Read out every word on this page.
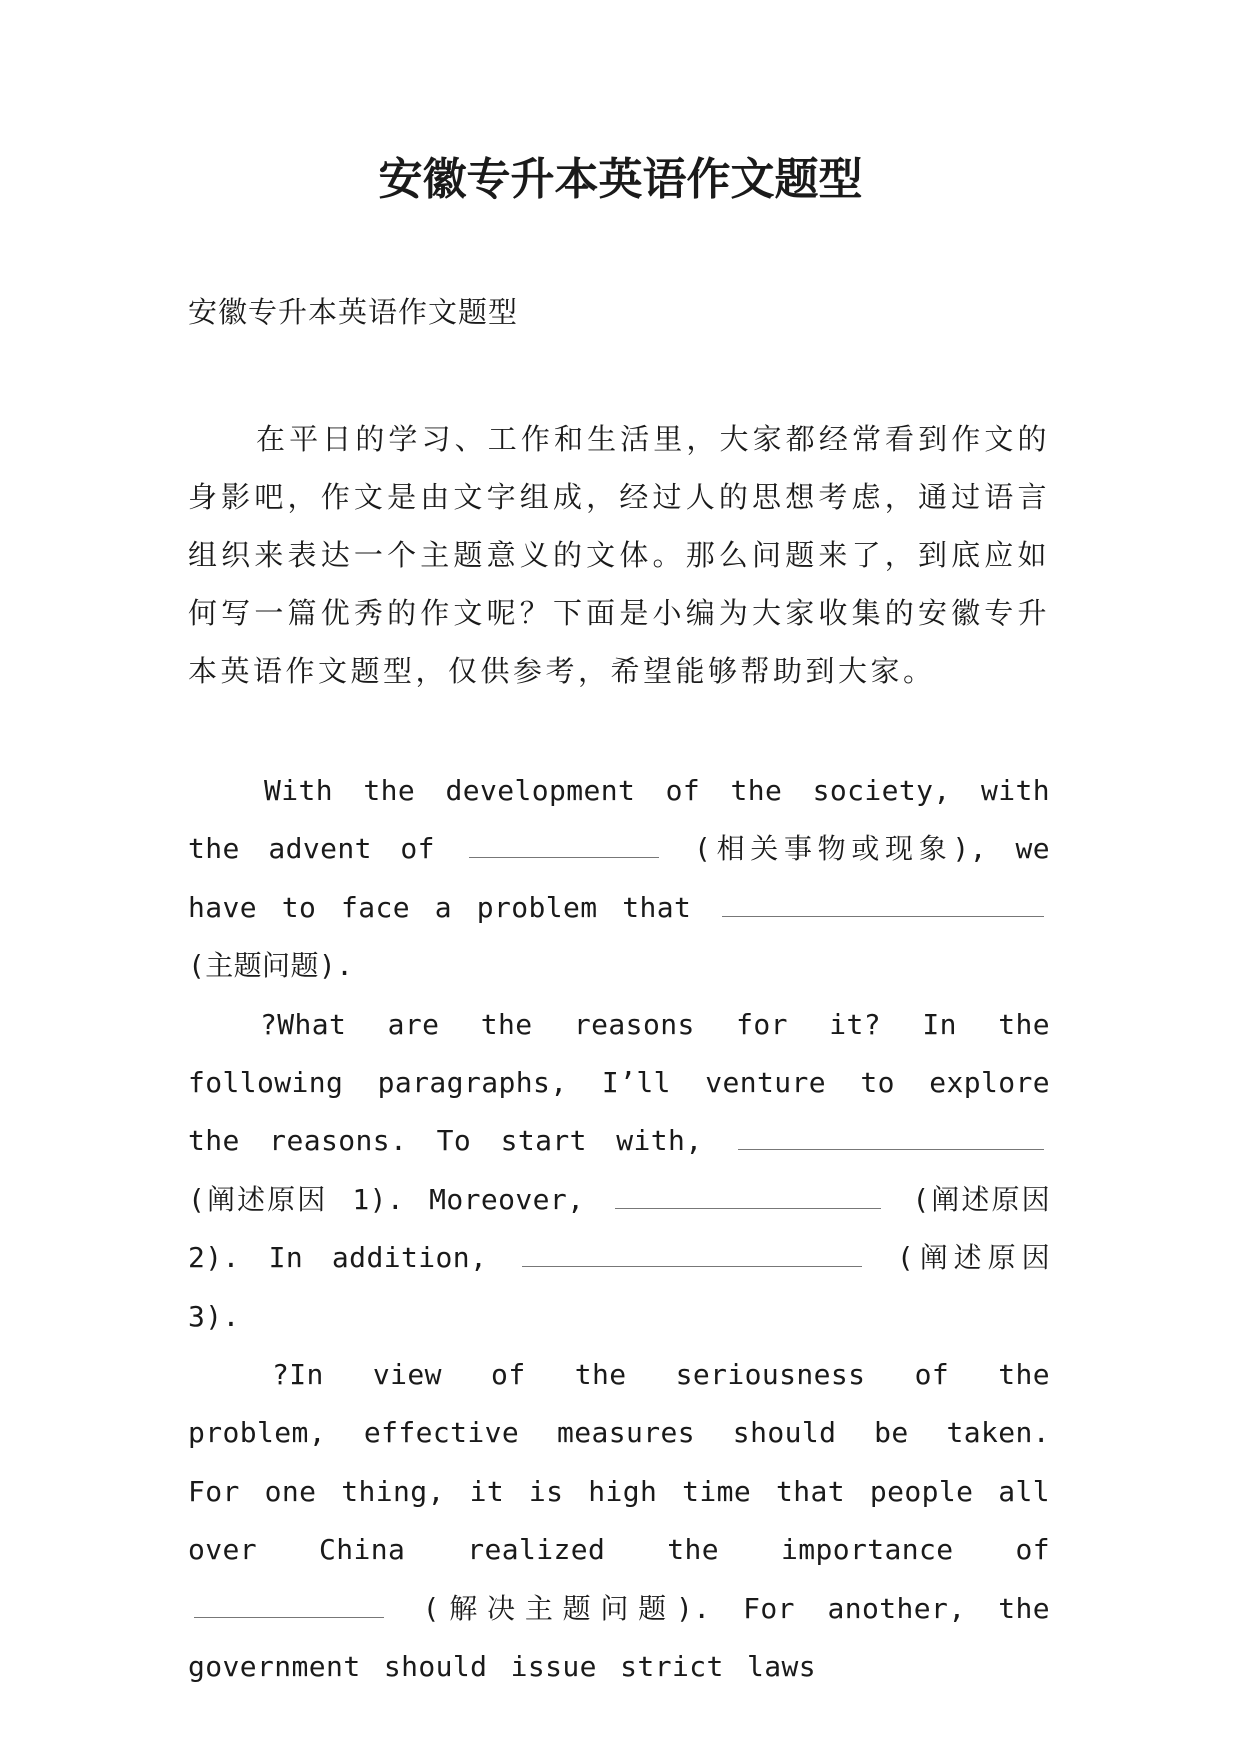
安徽专升本英语作文题型

安徽专升本英语作文题型

在平日的学习、工作和生活里，大家都经常看到作文的身影吧，作文是由文字组成，经过人的思想考虑，通过语言组织来表达一个主题意义的文体。那么问题来了，到底应如何写一篇优秀的作文呢？下面是小编为大家收集的安徽专升本英语作文题型，仅供参考，希望能够帮助到大家。

With the development of the society, with the advent of	(相关事物或现象), we have to face a problem that  (主题问题).

?What are the reasons for it? In the following paragraphs, I’ll venture to explore the reasons. To start with,  (阐述原因 1). Moreover,	(阐述原因 2). In addition,	(阐述原因 3).

?In view of the seriousness of the problem, effective measures should be taken. For one thing, it is high time that people all over China realized the importance of  (解决主题问题). For another, the government should issue strict laws
